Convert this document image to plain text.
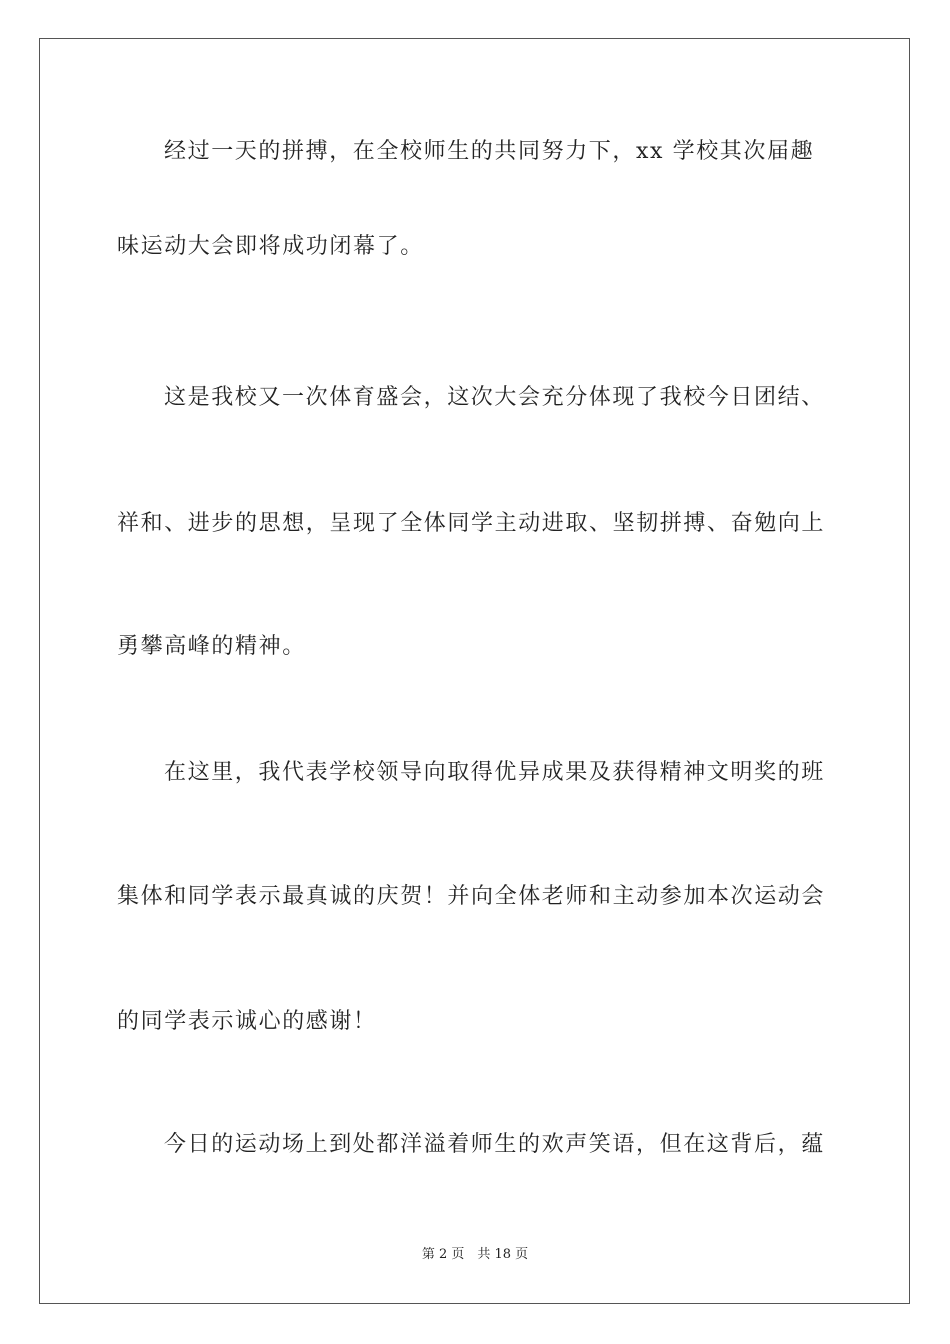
经过一天的拼搏，在全校师生的共同努力下，xx 学校其次届趣
味运动大会即将成功闭幕了。
这是我校又一次体育盛会，这次大会充分体现了我校今日团结、
祥和、进步的思想，呈现了全体同学主动进取、坚韧拼搏、奋勉向上
勇攀高峰的精神。
在这里，我代表学校领导向取得优异成果及获得精神文明奖的班
集体和同学表示最真诚的庆贺！并向全体老师和主动参加本次运动会
的同学表示诚心的感谢！
今日的运动场上到处都洋溢着师生的欢声笑语，但在这背后，蕴
第 2 页　共 18 页
